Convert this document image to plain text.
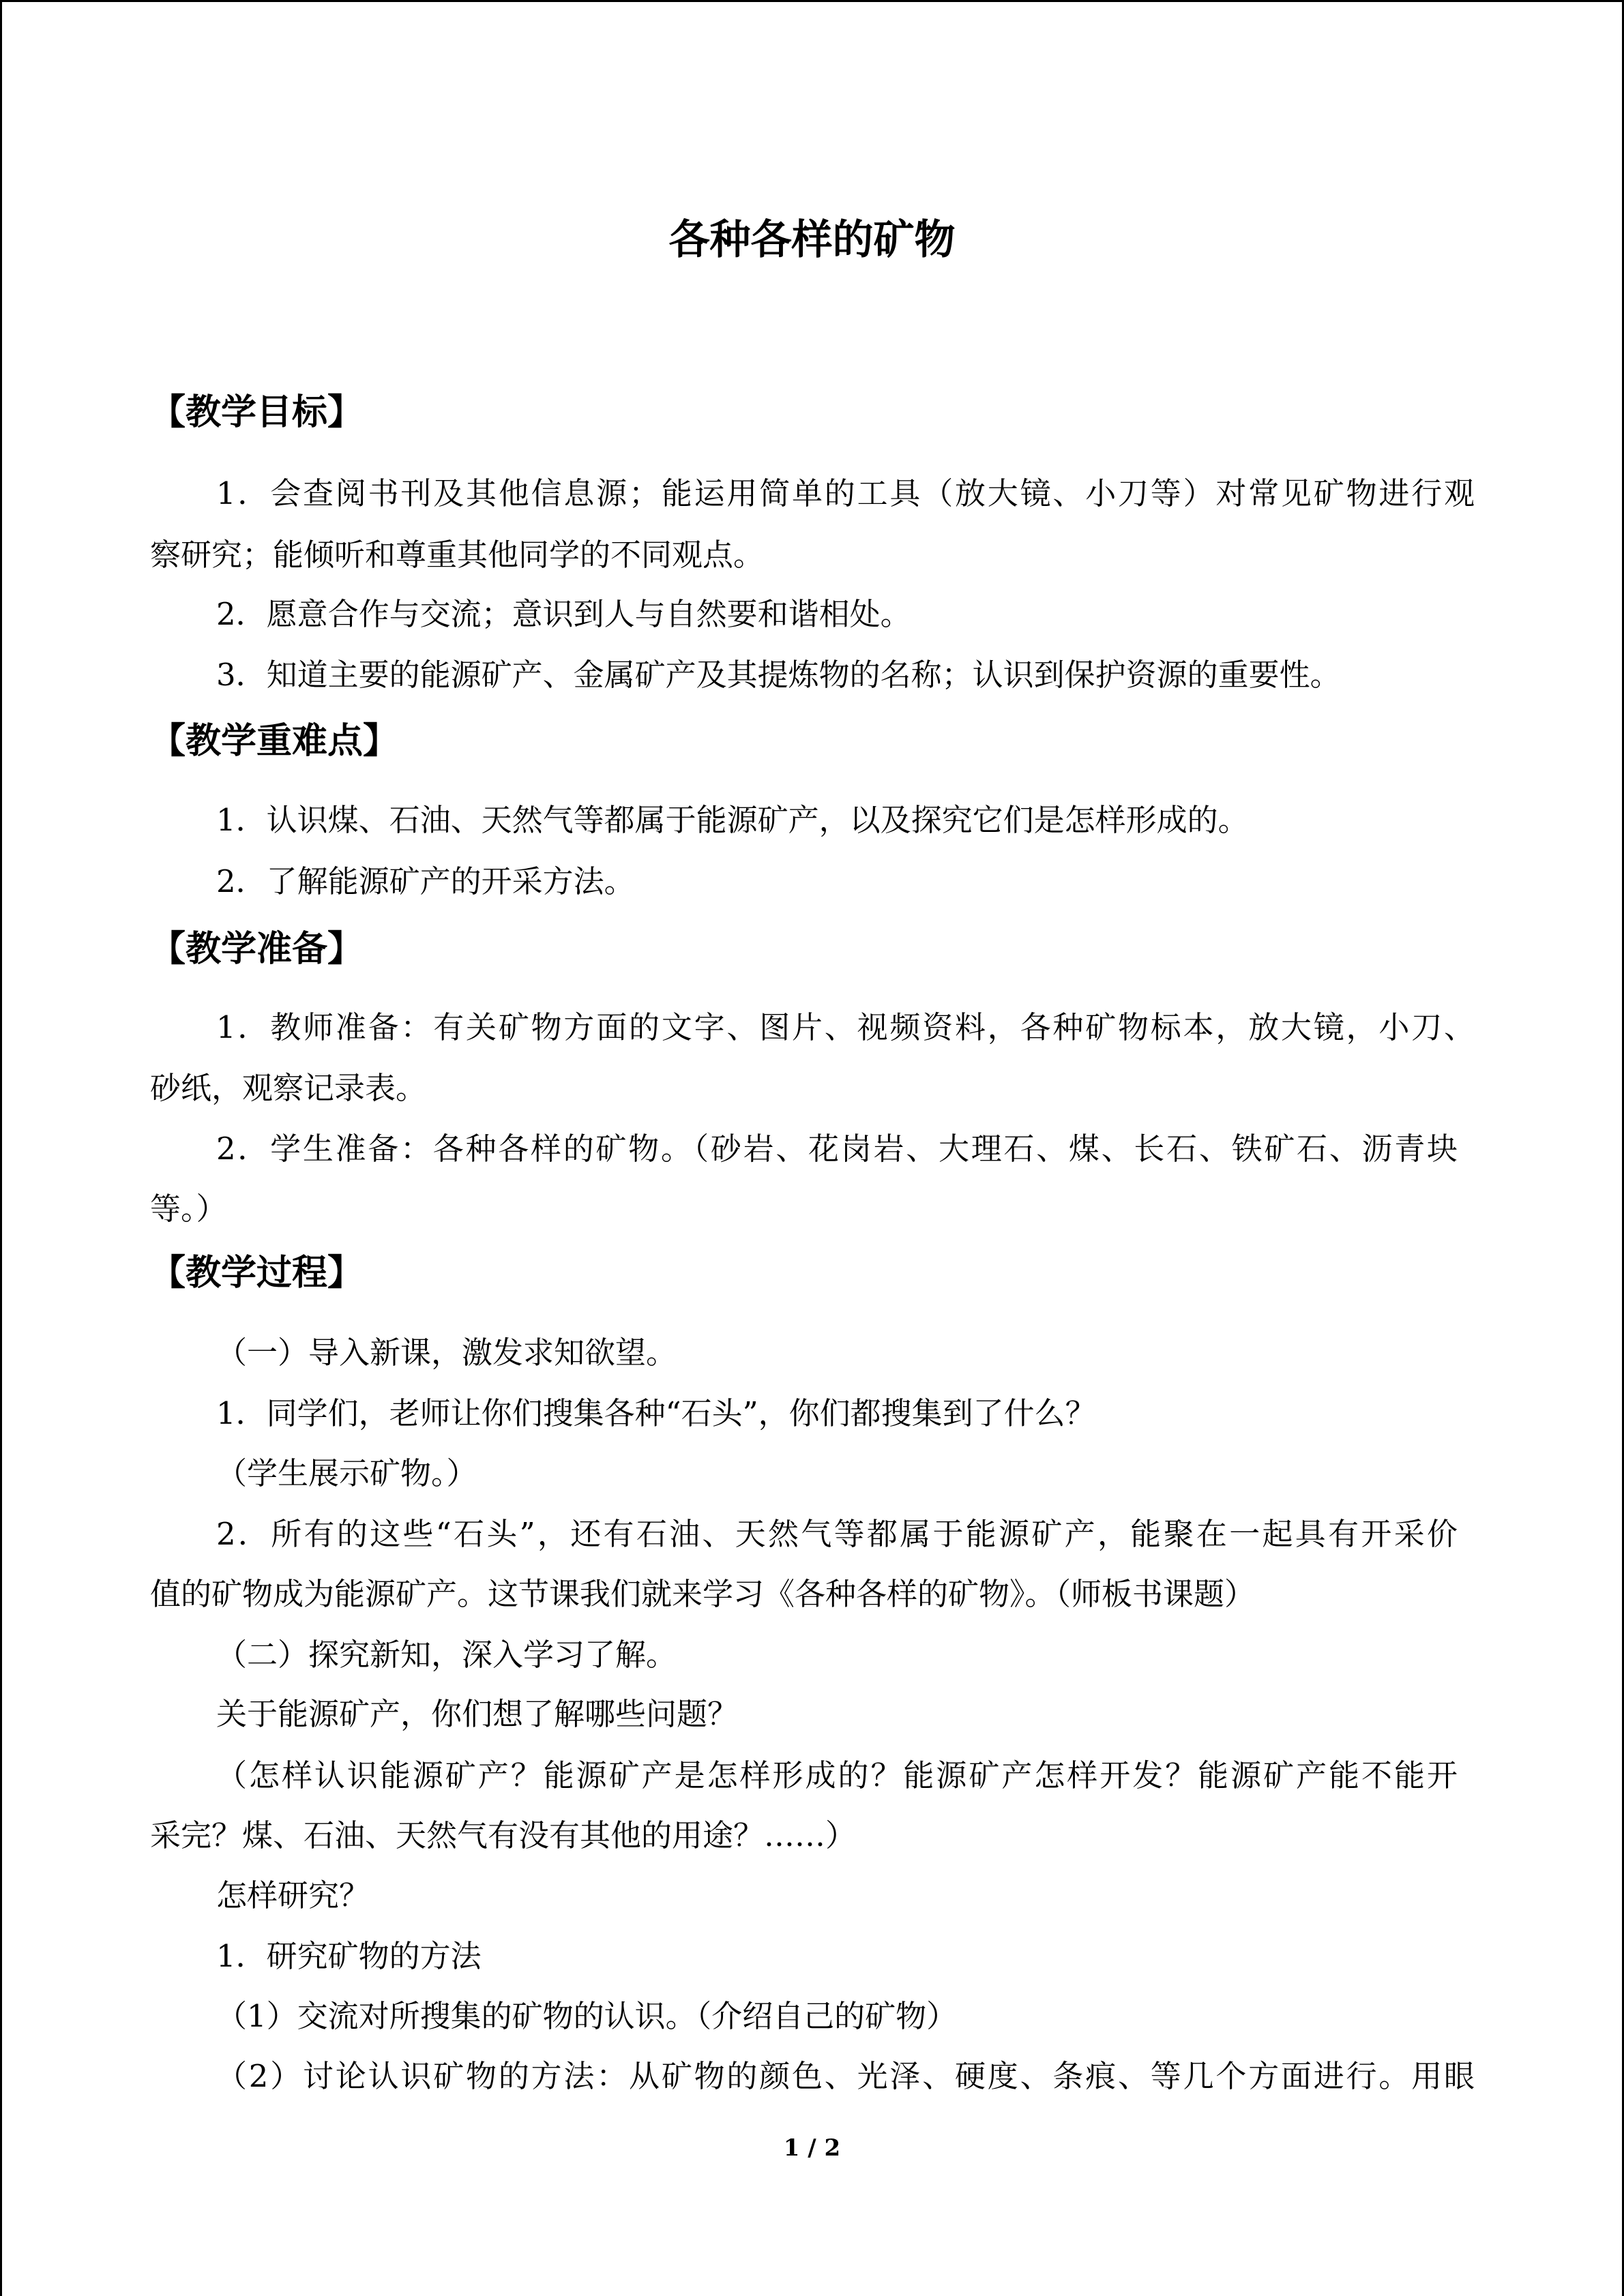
各种各样的矿物
【教学目标】
1．会查阅书刊及其他信息源；能运用简单的工具（放大镜、小刀等）对常见矿物进行观
察研究；能倾听和尊重其他同学的不同观点。
2．愿意合作与交流；意识到人与自然要和谐相处。
3．知道主要的能源矿产、金属矿产及其提炼物的名称；认识到保护资源的重要性。
【教学重难点】
1．认识煤、石油、天然气等都属于能源矿产，以及探究它们是怎样形成的。
2．了解能源矿产的开采方法。
【教学准备】
1．教师准备：有关矿物方面的文字、图片、视频资料，各种矿物标本，放大镜，小刀、
砂纸，观察记录表。
2．学生准备：各种各样的矿物。（砂岩、花岗岩、大理石、煤、长石、铁矿石、沥青块
等。）
【教学过程】
（一）导入新课，激发求知欲望。
1．同学们，老师让你们搜集各种“石头”，你们都搜集到了什么？
（学生展示矿物。）
2．所有的这些“石头”，还有石油、天然气等都属于能源矿产，能聚在一起具有开采价
值的矿物成为能源矿产。这节课我们就来学习《各种各样的矿物》。（师板书课题）
（二）探究新知，深入学习了解。
关于能源矿产，你们想了解哪些问题？
（怎样认识能源矿产？能源矿产是怎样形成的？能源矿产怎样开发？能源矿产能不能开
采完？煤、石油、天然气有没有其他的用途？……）
怎样研究？
1．研究矿物的方法
（1）交流对所搜集的矿物的认识。（介绍自己的矿物）
（2）讨论认识矿物的方法：从矿物的颜色、光泽、硬度、条痕、等几个方面进行。用眼
1 / 2
